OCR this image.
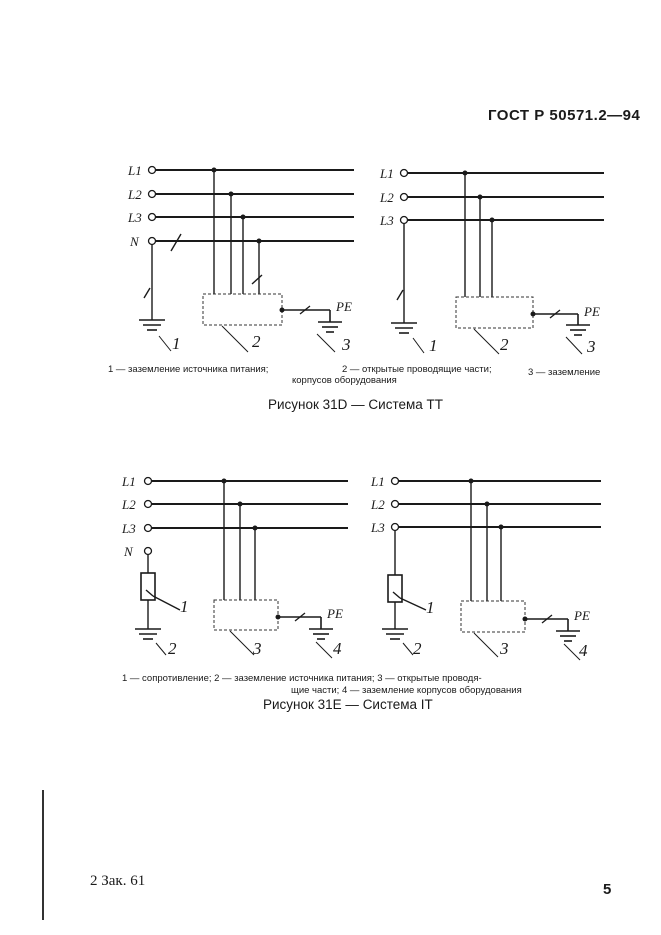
ГОСТ Р 50571.2—94
L1
L2
L3
N
PE
1	2	3
L1
L2
L3
PE
1	2	3
1 — заземление источника питания;	2 — открытые проводящие части;	3 — заземление
корпусов оборудования
Рисунок 31D — Система ТТ
L1
L2
L3
N
PE
1
2	3	4
L1
L2
L3
PE
1
2	3	4
1 — сопротивление; 2 — заземление источника питания; 3 — открытые проводя-
щие части; 4 — заземление корпусов оборудования
Рисунок 31Е — Система IT
2 Зак. 61	5
